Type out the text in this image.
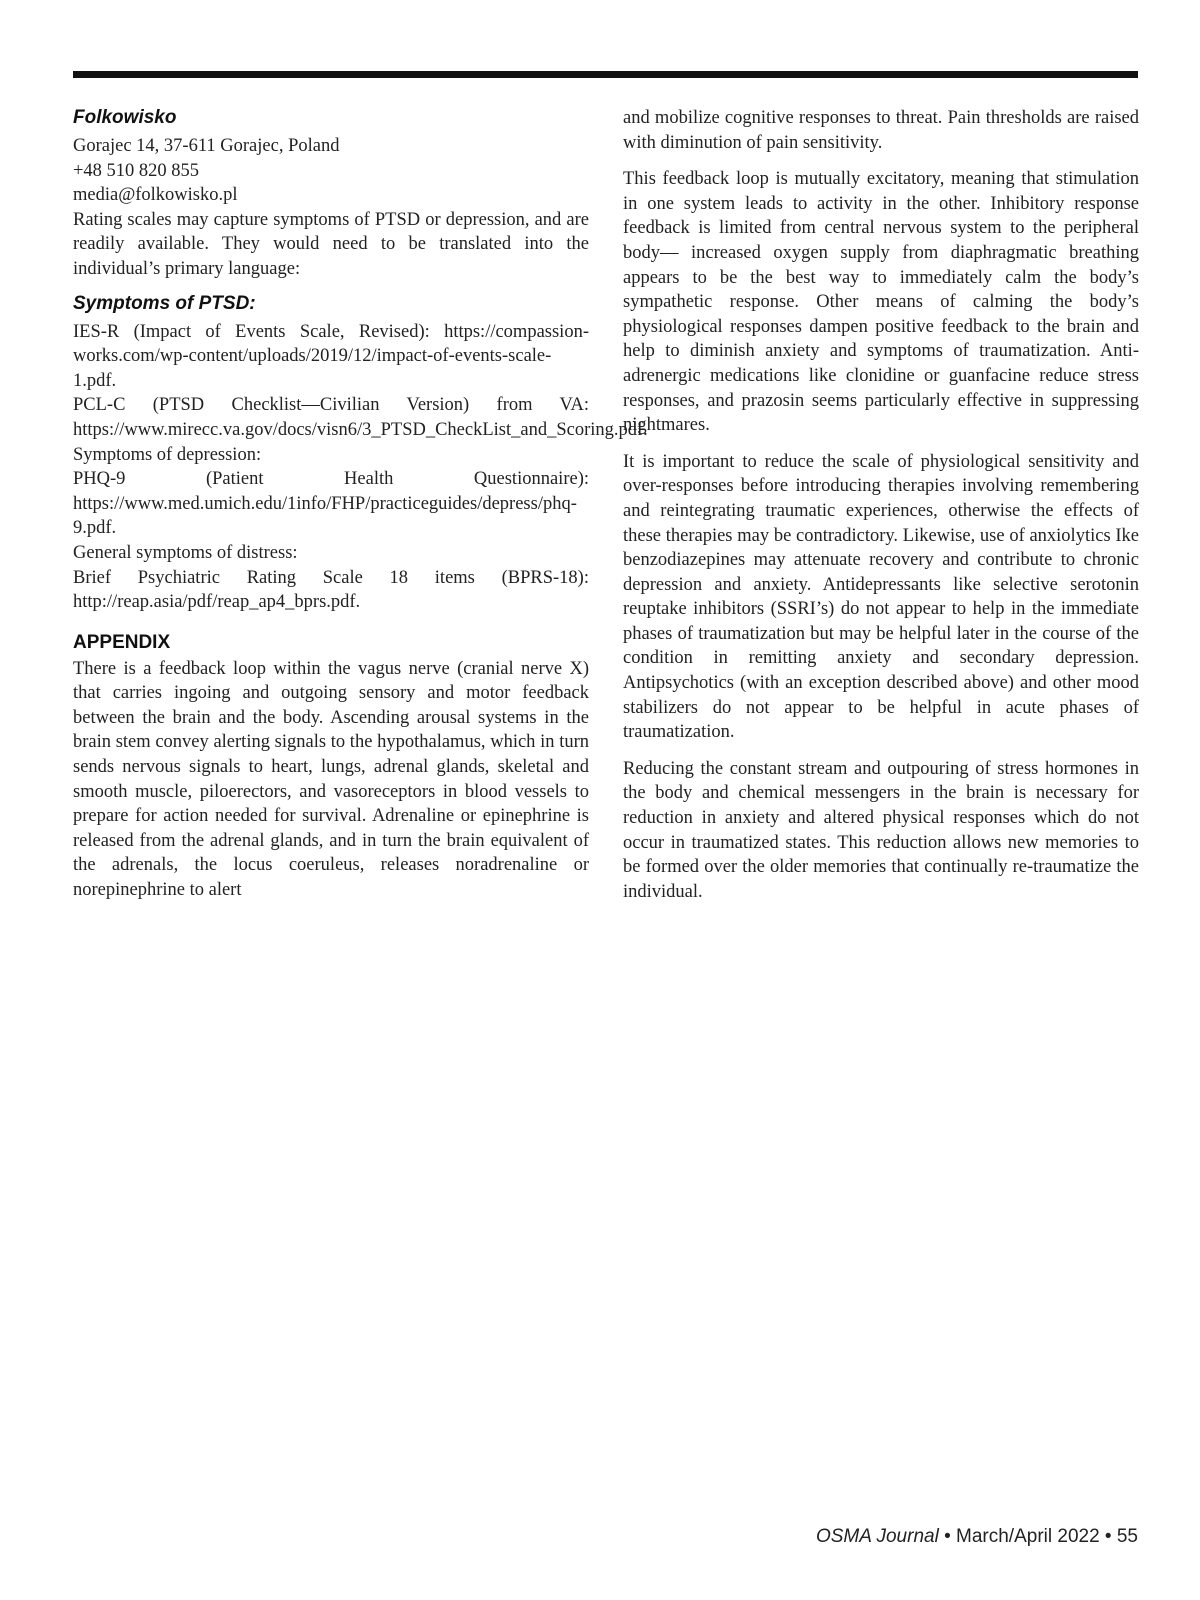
Folkowisko
Gorajec 14, 37-611 Gorajec, Poland
+48 510 820 855
media@folkowisko.pl

Rating scales may capture symptoms of PTSD or depression, and are readily available. They would need to be translated into the individual’s primary language:

Symptoms of PTSD:

IES-R (Impact of Events Scale, Revised): https://compassion-works.com/wp-content/uploads/2019/12/impact-of-events-scale-1.pdf.

PCL-C (PTSD Checklist—Civilian Version) from VA: https://www.mirecc.va.gov/docs/visn6/3_PTSD_CheckList_and_Scoring.pdf.

Symptoms of depression:

PHQ-9 (Patient Health Questionnaire): https://www.med.umich.edu/1info/FHP/practiceguides/depress/phq-9.pdf.

General symptoms of distress:

Brief Psychiatric Rating Scale 18 items (BPRS-18): http://reap.asia/pdf/reap_ap4_bprs.pdf.

APPENDIX

There is a feedback loop within the vagus nerve (cranial nerve X) that carries ingoing and outgoing sensory and motor feedback between the brain and the body. Ascending arousal systems in the brain stem convey alerting signals to the hypothalamus, which in turn sends nervous signals to heart, lungs, adrenal glands, skeletal and smooth muscle, piloerectors, and vasoreceptors in blood vessels to prepare for action needed for survival. Adrenaline or epinephrine is released from the adrenal glands, and in turn the brain equivalent of the adrenals, the locus coeruleus, releases noradrenaline or norepinephrine to alert

and mobilize cognitive responses to threat. Pain thresholds are raised with diminution of pain sensitivity.

This feedback loop is mutually excitatory, meaning that stimulation in one system leads to activity in the other. Inhibitory response feedback is limited from central nervous system to the peripheral body— increased oxygen supply from diaphragmatic breathing appears to be the best way to immediately calm the body’s sympathetic response. Other means of calming the body’s physiological responses dampen positive feedback to the brain and help to diminish anxiety and symptoms of traumatization. Anti-adrenergic medications like clonidine or guanfacine reduce stress responses, and prazosin seems particularly effective in suppressing nightmares.

It is important to reduce the scale of physiological sensitivity and over-responses before introducing therapies involving remembering and reintegrating traumatic experiences, otherwise the effects of these therapies may be contradictory. Likewise, use of anxiolytics Ike benzodiazepines may attenuate recovery and contribute to chronic depression and anxiety. Antidepressants like selective serotonin reuptake inhibitors (SSRI’s) do not appear to help in the immediate phases of traumatization but may be helpful later in the course of the condition in remitting anxiety and secondary depression. Antipsychotics (with an exception described above) and other mood stabilizers do not appear to be helpful in acute phases of traumatization.

Reducing the constant stream and outpouring of stress hormones in the body and chemical messengers in the brain is necessary for reduction in anxiety and altered physical responses which do not occur in traumatized states. This reduction allows new memories to be formed over the older memories that continually re-traumatize the individual.

OSMA Journal • March/April 2022 • 55
